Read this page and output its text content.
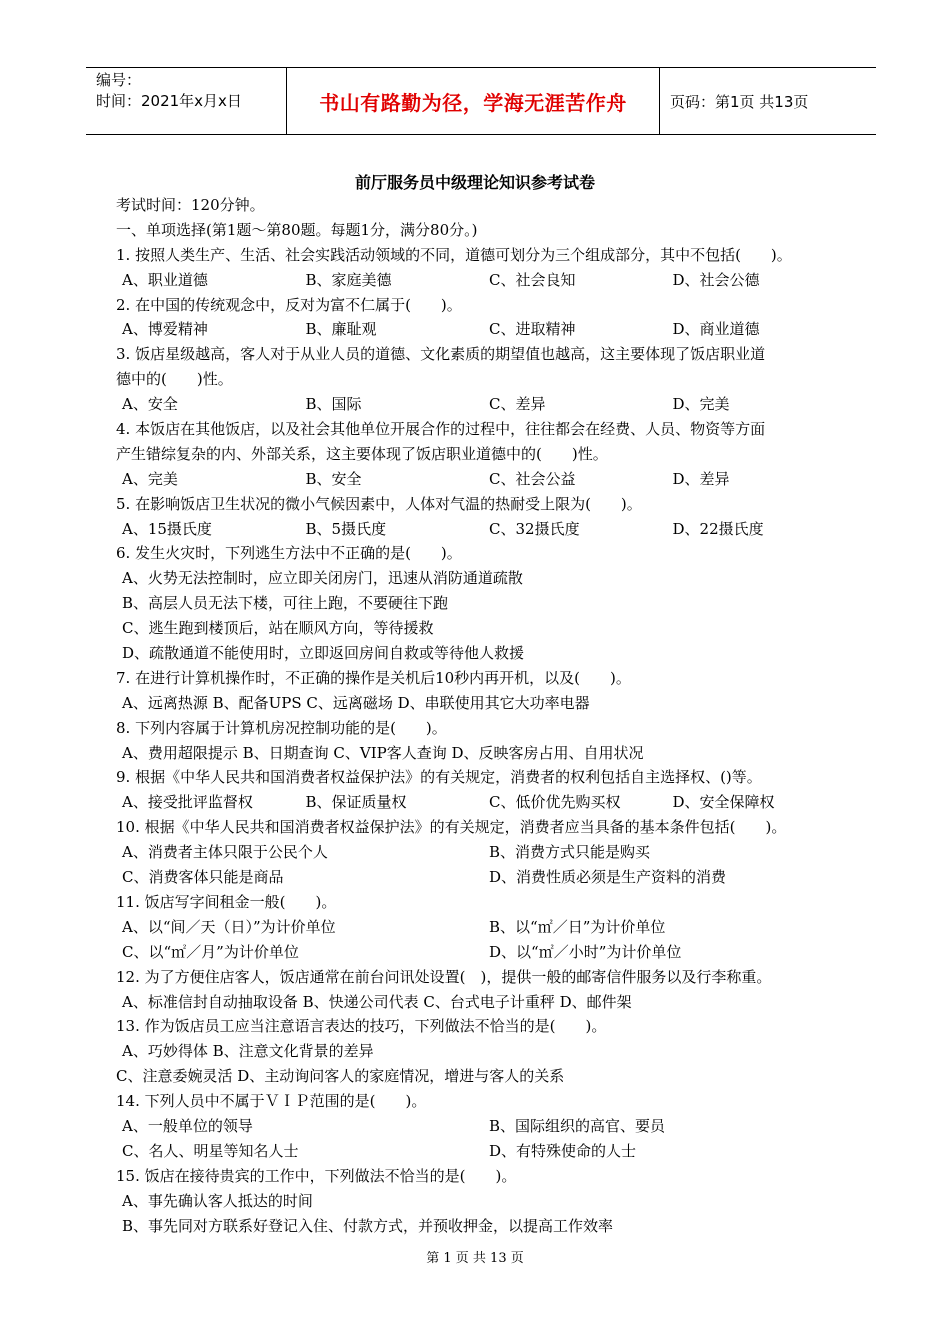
编号：
时间：2021年x月x日	书山有路勤为径，学海无涯苦作舟	页码：第1页 共13页
前厅服务员中级理论知识参考试卷
考试时间：120分钟。
一、单项选择(第1题～第80题。每题1分，满分80分。)
1. 按照人类生产、生活、社会实践活动领域的不同，道德可划分为三个组成部分，其中不包括(　　)。
A、职业道德	B、家庭美德	C、社会良知	D、社会公德
2. 在中国的传统观念中，反对为富不仁属于(　　)。
A、博爱精神	B、廉耻观	C、进取精神	D、商业道德
3. 饭店星级越高，客人对于从业人员的道德、文化素质的期望值也越高，这主要体现了饭店职业道
德中的(　　)性。
A、安全	B、国际	C、差异	D、完美
4. 本饭店在其他饭店，以及社会其他单位开展合作的过程中，往往都会在经费、人员、物资等方面
产生错综复杂的内、外部关系，这主要体现了饭店职业道德中的(　　)性。
A、完美	B、安全	C、社会公益	D、差异
5. 在影响饭店卫生状况的微小气候因素中，人体对气温的热耐受上限为(　　)。
A、15摄氏度	B、5摄氏度	C、32摄氏度	D、22摄氏度
6. 发生火灾时，下列逃生方法中不正确的是(　　)。
A、火势无法控制时，应立即关闭房门，迅速从消防通道疏散
B、高层人员无法下楼，可往上跑，不要硬往下跑
C、逃生跑到楼顶后，站在顺风方向，等待援救
D、疏散通道不能使用时，立即返回房间自救或等待他人救援
7. 在进行计算机操作时，不正确的操作是关机后10秒内再开机，以及(　　)。
A、远离热源 B、配备UPS C、远离磁场 D、串联使用其它大功率电器
8. 下列内容属于计算机房况控制功能的是(　　)。
A、费用超限提示 B、日期查询 C、VIP客人查询 D、反映客房占用、自用状况
9. 根据《中华人民共和国消费者权益保护法》的有关规定，消费者的权利包括自主选择权、()等。
A、接受批评监督权	B、保证质量权	C、低价优先购买权	D、安全保障权
10. 根据《中华人民共和国消费者权益保护法》的有关规定，消费者应当具备的基本条件包括(　　)。
A、消费者主体只限于公民个人	B、消费方式只能是购买
C、消费客体只能是商品	D、消费性质必须是生产资料的消费
11. 饭店写字间租金一般(　　)。
A、以“间／天（日）”为计价单位	B、以“㎡／日”为计价单位
C、以“㎡／月”为计价单位	D、以“㎡／小时”为计价单位
12. 为了方便住店客人，饭店通常在前台问讯处设置(　)，提供一般的邮寄信件服务以及行李称重。
A、标准信封自动抽取设备 B、快递公司代表 C、台式电子计重秤 D、邮件架
13. 作为饭店员工应当注意语言表达的技巧，下列做法不恰当的是(　　)。
A、巧妙得体 B、注意文化背景的差异
C、注意委婉灵活 D、主动询问客人的家庭情况，增进与客人的关系
14. 下列人员中不属于ＶＩＰ范围的是(　　)。
A、一般单位的领导	B、国际组织的高官、要员
C、名人、明星等知名人士	D、有特殊使命的人士
15. 饭店在接待贵宾的工作中，下列做法不恰当的是(　　)。
A、事先确认客人抵达的时间
B、事先同对方联系好登记入住、付款方式，并预收押金，以提高工作效率
第 1 页 共 13 页
